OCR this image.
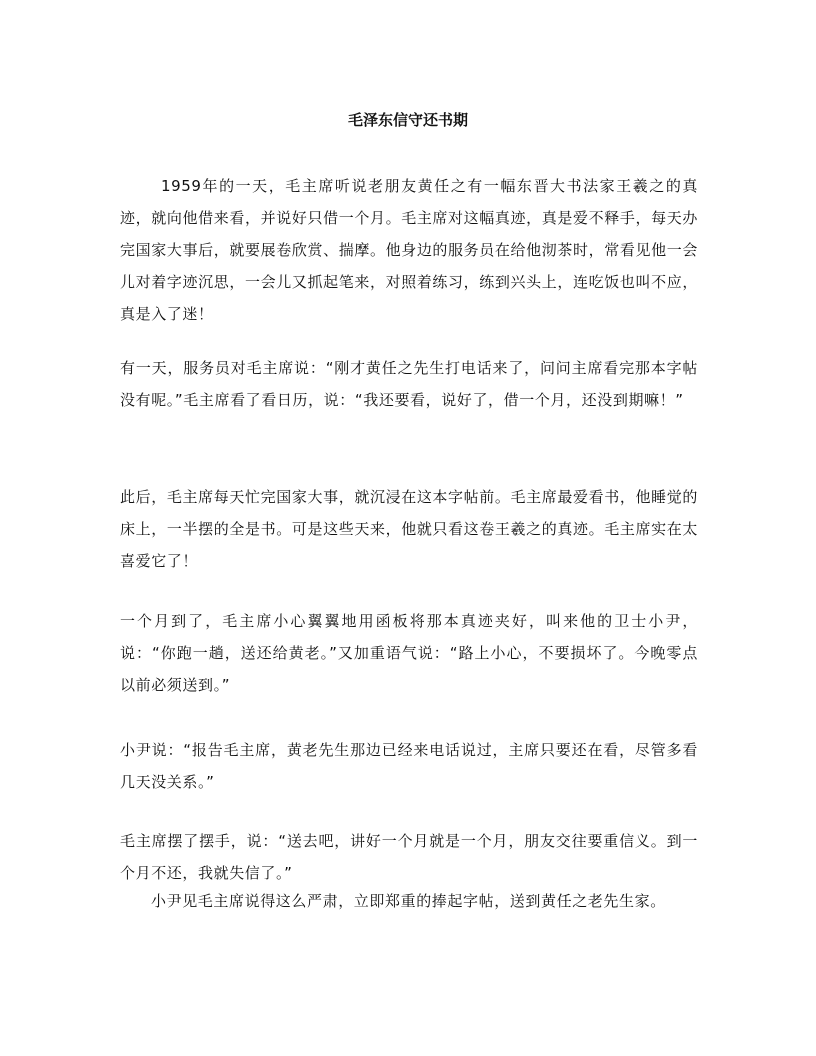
毛泽东信守还书期
1959年的一天，毛主席听说老朋友黄任之有一幅东晋大书法家王羲之的真迹，就向他借来看，并说好只借一个月。毛主席对这幅真迹，真是爱不释手，每天办完国家大事后，就要展卷欣赏、揣摩。他身边的服务员在给他沏茶时，常看见他一会儿对着字迹沉思，一会儿又抓起笔来，对照着练习，练到兴头上，连吃饭也叫不应，真是入了迷！
有一天，服务员对毛主席说：“刚才黄任之先生打电话来了，问问主席看完那本字帖没有呢。”毛主席看了看日历，说：“我还要看，说好了，借一个月，还没到期嘛！”
此后，毛主席每天忙完国家大事，就沉浸在这本字帖前。毛主席最爱看书，他睡觉的床上，一半摆的全是书。可是这些天来，他就只看这卷王羲之的真迹。毛主席实在太喜爱它了！
一个月到了，毛主席小心翼翼地用函板将那本真迹夹好，叫来他的卫士小尹，说：“你跑一趟，送还给黄老。”又加重语气说：“路上小心，不要损坏了。今晚零点以前必须送到。”
小尹说：“报告毛主席，黄老先生那边已经来电话说过，主席只要还在看，尽管多看几天没关系。”
毛主席摆了摆手，说：“送去吧，讲好一个月就是一个月，朋友交往要重信义。到一个月不还，我就失信了。”
小尹见毛主席说得这么严肃，立即郑重的捧起字帖，送到黄任之老先生家。
